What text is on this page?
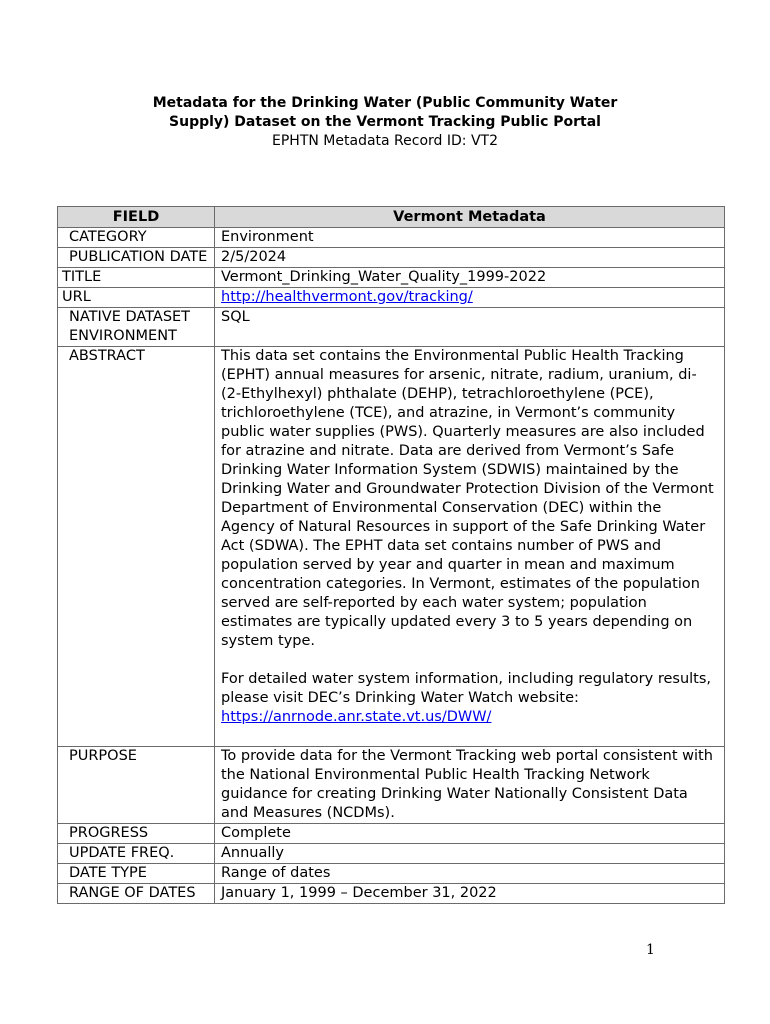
Metadata for the Drinking Water (Public Community Water
Supply) Dataset on the Vermont Tracking Public Portal
EPHTN Metadata Record ID: VT2
FIELD	Vermont Metadata
CATEGORY	Environment
PUBLICATION DATE	2/5/2024
TITLE	Vermont_Drinking_Water_Quality_1999-2022
URL	http://healthvermont.gov/tracking/
NATIVE DATASET ENVIRONMENT	SQL
ABSTRACT	This data set contains the Environmental Public Health Tracking (EPHT) annual measures for arsenic, nitrate, radium, uranium, di-(2-Ethylhexyl) phthalate (DEHP), tetrachloroethylene (PCE), trichloroethylene (TCE), and atrazine, in Vermont’s community public water supplies (PWS). Quarterly measures are also included for atrazine and nitrate. Data are derived from Vermont’s Safe Drinking Water Information System (SDWIS) maintained by the Drinking Water and Groundwater Protection Division of the Vermont Department of Environmental Conservation (DEC) within the Agency of Natural Resources in support of the Safe Drinking Water Act (SDWA). The EPHT data set contains number of PWS and population served by year and quarter in mean and maximum concentration categories. In Vermont, estimates of the population served are self-reported by each water system; population estimates are typically updated every 3 to 5 years depending on system type.

For detailed water system information, including regulatory results, please visit DEC’s Drinking Water Watch website:

https://anrnode.anr.state.vt.us/DWW/

PURPOSE	To provide data for the Vermont Tracking web portal consistent with the National Environmental Public Health Tracking Network guidance for creating Drinking Water Nationally Consistent Data and Measures (NCDMs).
PROGRESS	Complete
UPDATE FREQ.	Annually
DATE TYPE	Range of dates
RANGE OF DATES	January 1, 1999 – December 31, 2022
1
